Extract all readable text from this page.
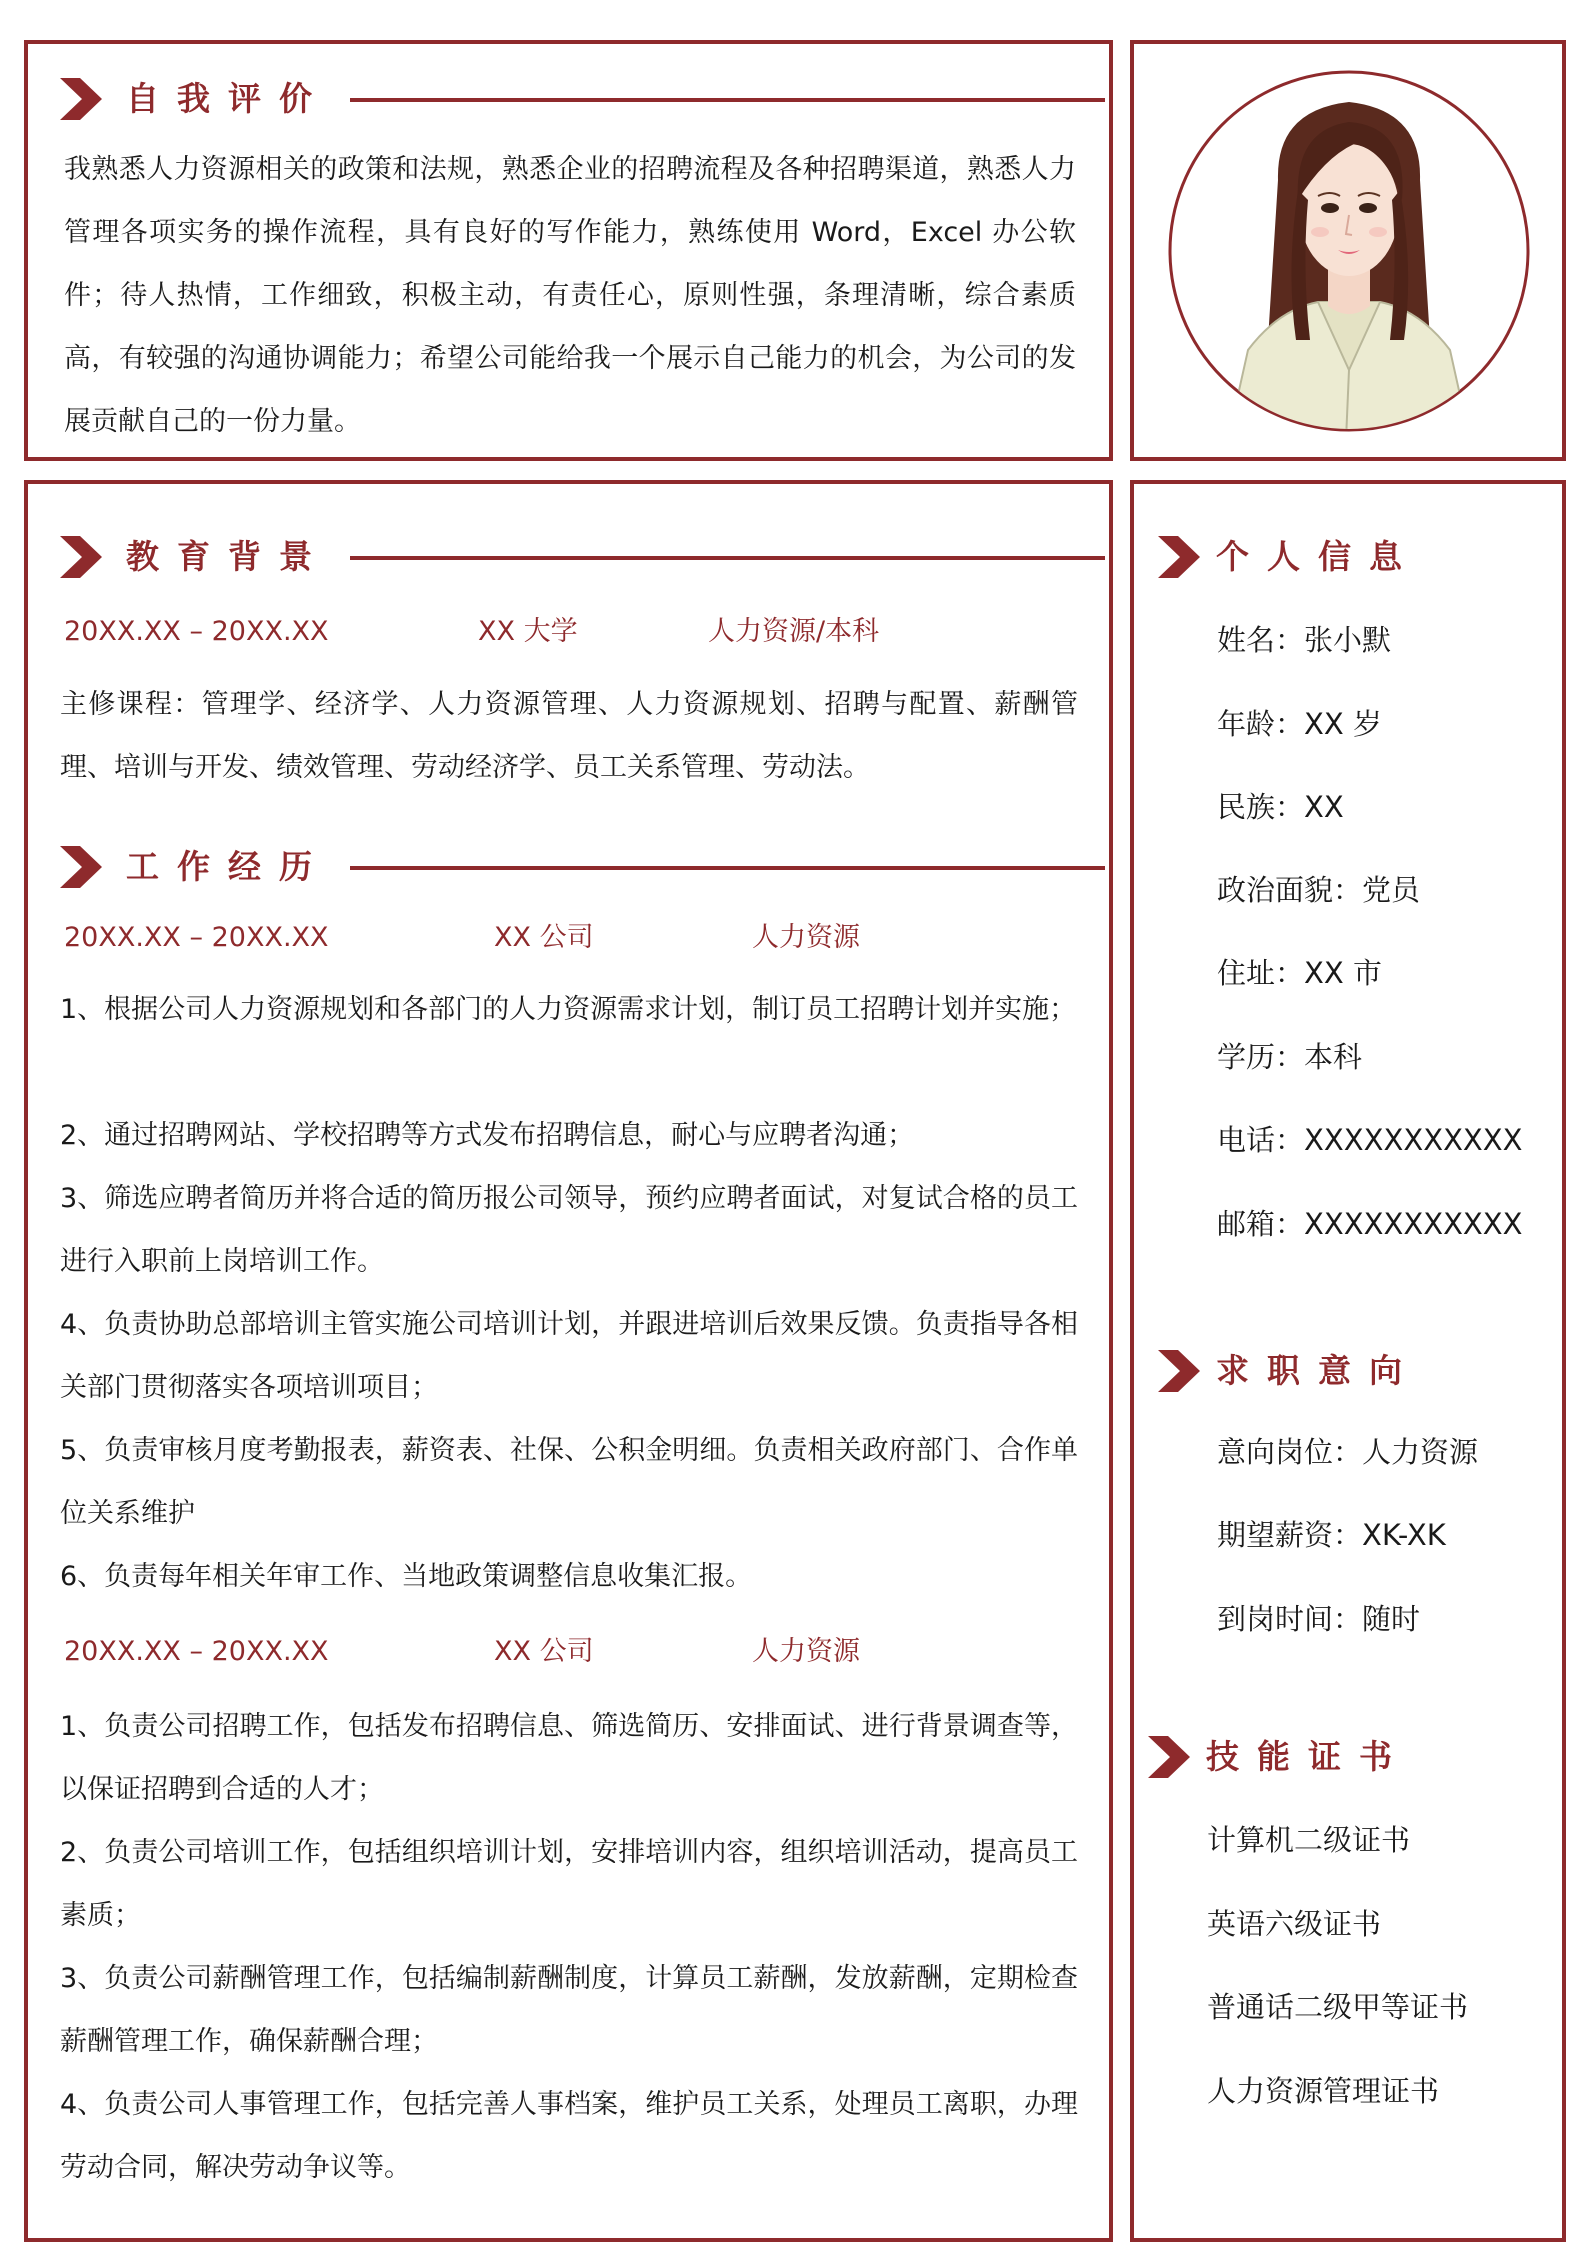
自我评价
我熟悉人力资源相关的政策和法规，熟悉企业的招聘流程及各种招聘渠道，熟悉人力管理各项实务的操作流程，具有良好的写作能力，熟练使用 Word，Excel 办公软件；待人热情，工作细致，积极主动，有责任心，原则性强，条理清晰，综合素质高，有较强的沟通协调能力；希望公司能给我一个展示自己能力的机会，为公司的发展贡献自己的一份力量。
教育背景
20XX.XX – 20XX.XX	XX 大学	人力资源/本科
主修课程：管理学、经济学、人力资源管理、人力资源规划、招聘与配置、薪酬管理、培训与开发、绩效管理、劳动经济学、员工关系管理、劳动法。
工作经历
20XX.XX – 20XX.XX	XX 公司	人力资源
1、根据公司人力资源规划和各部门的人力资源需求计划，制订员工招聘计划并实施；
2、通过招聘网站、学校招聘等方式发布招聘信息，耐心与应聘者沟通；
3、筛选应聘者简历并将合适的简历报公司领导，预约应聘者面试，对复试合格的员工进行入职前上岗培训工作。
4、负责协助总部培训主管实施公司培训计划，并跟进培训后效果反馈。负责指导各相关部门贯彻落实各项培训项目；
5、负责审核月度考勤报表，薪资表、社保、公积金明细。负责相关政府部门、合作单位关系维护
6、负责每年相关年审工作、当地政策调整信息收集汇报。
20XX.XX – 20XX.XX	XX 公司	人力资源
1、负责公司招聘工作，包括发布招聘信息、筛选简历、安排面试、进行背景调查等，以保证招聘到合适的人才；
2、负责公司培训工作，包括组织培训计划，安排培训内容，组织培训活动，提高员工素质；
3、负责公司薪酬管理工作，包括编制薪酬制度，计算员工薪酬，发放薪酬，定期检查薪酬管理工作，确保薪酬合理；
4、负责公司人事管理工作，包括完善人事档案，维护员工关系，处理员工离职，办理劳动合同，解决劳动争议等。
个人信息
姓名：张小默
年龄：XX 岁
民族：XX
政治面貌：党员
住址：XX 市
学历：本科
电话：XXXXXXXXXXX
邮箱：XXXXXXXXXXX
求职意向
意向岗位：人力资源
期望薪资：XK-XK
到岗时间：随时
技能证书
计算机二级证书
英语六级证书
普通话二级甲等证书
人力资源管理证书
